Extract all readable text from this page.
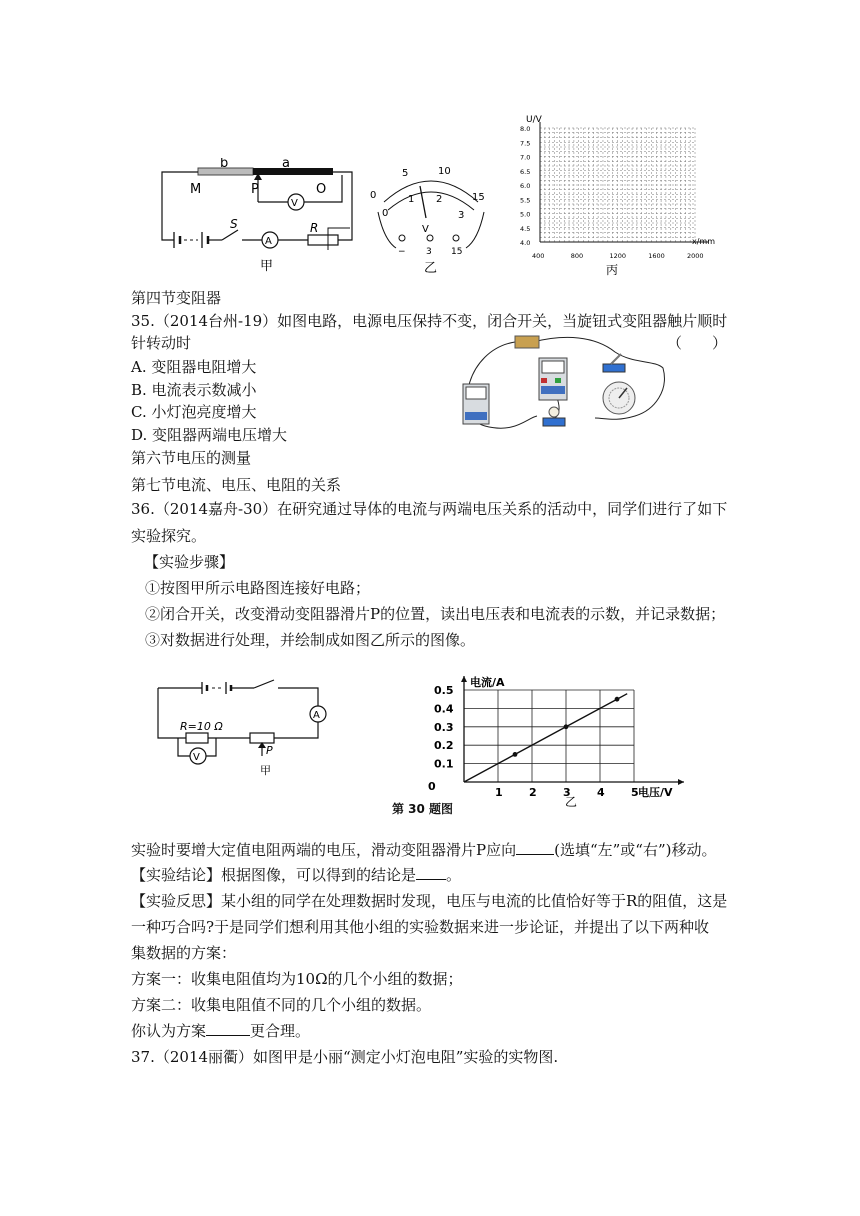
b	a
M	P	O
S
A
R
V
甲
0
5	10
15
0
1 2
3
V
− 3 15
乙
U/V
x/mm
丙
8.0
7.5
7.0
6.5
6.0
5.5
5.0
4.5
4.0
400	800	1200	1600	2000
第四节变阻器
35.（2014台州-19）如图电路，电源电压保持不变，闭合开关，当旋钮式变阻器触片顺时
针转动时	（　　）
A. 变阻器电阻增大
B. 电流表示数减小
C. 小灯泡亮度增大
D. 变阻器两端电压增大
第六节电压的测量
第七节电流、电压、电阻的关系
36.（2014嘉舟-30）在研究通过导体的电流与两端电压关系的活动中，同学们进行了如下
实验探究。
【实验步骤】
①按图甲所示电路图连接好电路；
②闭合开关，改变滑动变阻器滑片P的位置，读出电压表和电流表的示数，并记录数据；
③对数据进行处理，并绘制成如图乙所示的图像。
A
P
R=10 Ω
V
甲
0
乙
1 2 3 4 5
0.1
0.2
0.3
0.4
0.5
电压/V
电流/A
第 30 题图
实验时要增大定值电阻两端的电压，滑动变阻器滑片P应向	(选填“左”或“右”)移动。
【实验结论】根据图像，可以得到的结论是 。
【实验反思】某小组的同学在处理数据时发现，电压与电流的比值恰好等于R的阻值，这是
一种巧合吗?于是同学们想利用其他小组的实验数据来进一步论证，并提出了以下两种收
集数据的方案：
方案一：收集电阻值均为10Ω的几个小组的数据；
方案二：收集电阻值不同的几个小组的数据。
你认为方案	更合理。
37.（2014丽衢）如图甲是小丽“测定小灯泡电阻”实验的实物图.
